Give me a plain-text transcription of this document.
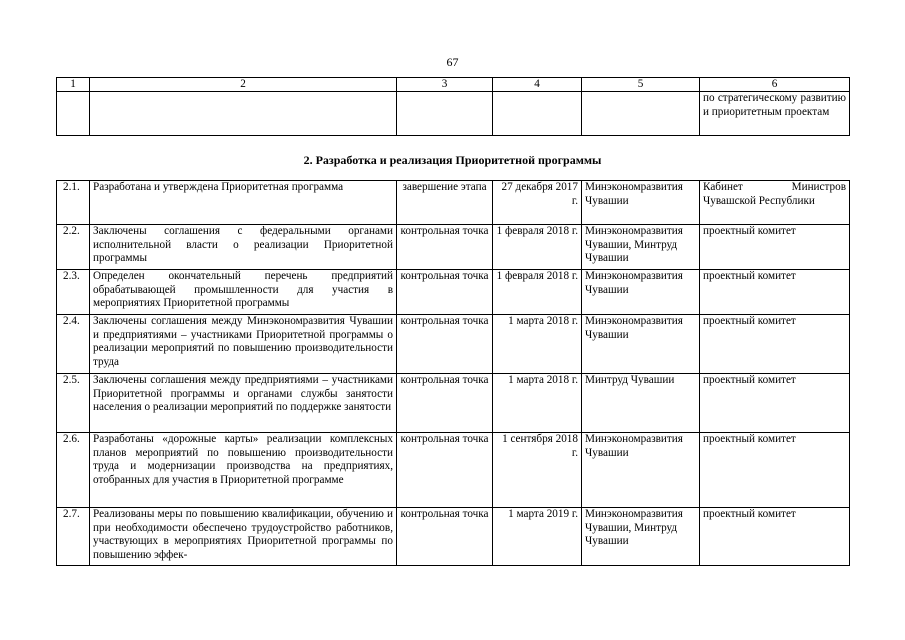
67
1	2	3	4	5	6
					по стратегическому развитию и приоритетным проектам
2. Разработка и реализация Приоритетной программы
2.1.	Разработана и утверждена Приоритетная программа	завершение этапа	27 декабря 2017 г.	Минэкономразвития Чувашии	Кабинет Министров Чувашской Республики
2.2.	Заключены соглашения с федеральными органами исполнительной власти о реализации Приоритетной программы	контрольная точка	1 февраля 2018 г.	Минэкономразвития Чувашии, Минтруд Чувашии	проектный комитет
2.3.	Определен окончательный перечень предприятий обрабатывающей промышленности для участия в мероприятиях Приоритетной программы	контрольная точка	1 февраля 2018 г.	Минэкономразвития Чувашии	проектный комитет
2.4.	Заключены соглашения между Минэкономразвития Чувашии и предприятиями – участниками Приоритетной программы о реализации мероприятий по повышению производительности труда	контрольная точка	1 марта 2018 г.	Минэкономразвития Чувашии	проектный комитет
2.5.	Заключены соглашения между предприятиями – участниками Приоритетной программы и органами службы занятости населения о реализации мероприятий по поддержке занятости	контрольная точка	1 марта 2018 г.	Минтруд Чувашии	проектный комитет
2.6.	Разработаны «дорожные карты» реализации комплексных планов мероприятий по повышению производительности труда и модернизации производства на предприятиях, отобранных для участия в Приоритетной программе	контрольная точка	1 сентября 2018 г.	Минэкономразвития Чувашии	проектный комитет
2.7.	Реализованы меры по повышению квалификации, обучению и при необходимости обеспечено трудоустройство работников, участвующих в мероприятиях Приоритетной программы по повышению эффек-	контрольная точка	1 марта 2019 г.	Минэкономразвития Чувашии, Минтруд Чувашии	проектный комитет
